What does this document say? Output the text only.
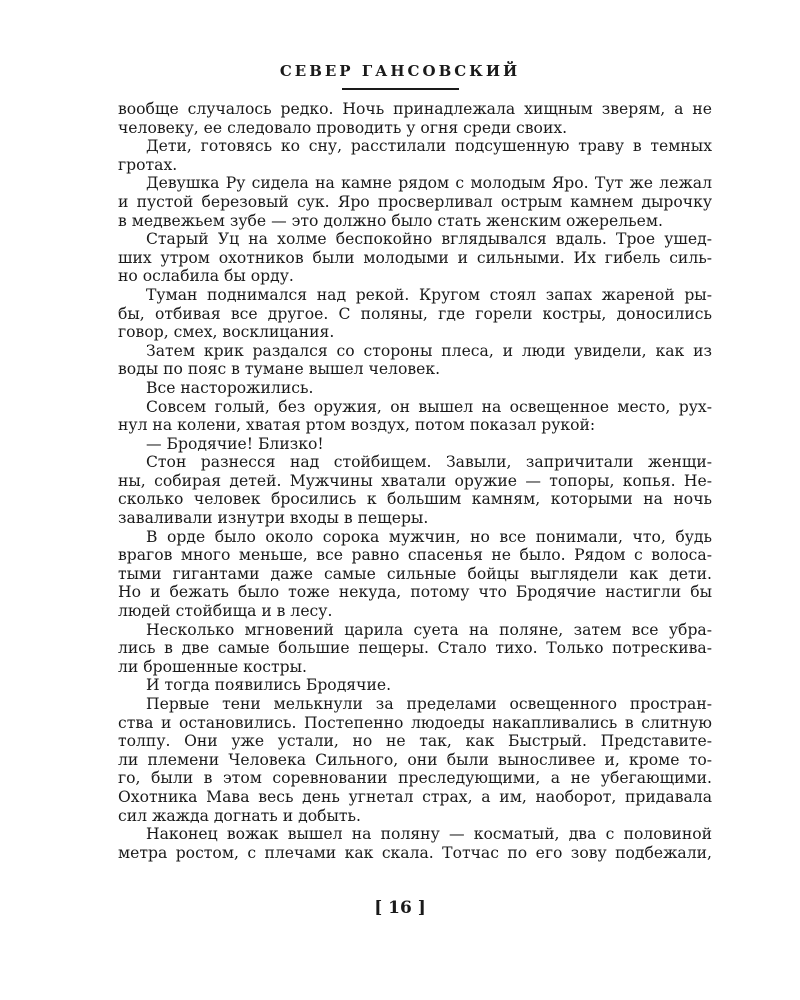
СЕВЕР ГАНСОВСКИЙ
вообще случалось редко. Ночь принадлежала хищным зверям, а не
человеку, ее следовало проводить у огня среди своих.
Дети, готовясь ко сну, расстилали подсушенную траву в темных
гротах.
Девушка Ру сидела на камне рядом с молодым Яро. Тут же лежал
и пустой березовый сук. Яро просверливал острым камнем дырочку
в медвежьем зубе — это должно было стать женским ожерельем.
Старый Уц на холме беспокойно вглядывался вдаль. Трое ушед-
ших утром охотников были молодыми и сильными. Их гибель силь-
но ослабила бы орду.
Туман поднимался над рекой. Кругом стоял запах жареной ры-
бы, отбивая все другое. С поляны, где горели костры, доносились
говор, смех, восклицания.
Затем крик раздался со стороны плеса, и люди увидели, как из
воды по пояс в тумане вышел человек.
Все насторожились.
Совсем голый, без оружия, он вышел на освещенное место, рух-
нул на колени, хватая ртом воздух, потом показал рукой:
— Бродячие! Близко!
Стон разнесся над стойбищем. Завыли, запричитали женщи-
ны, собирая детей. Мужчины хватали оружие — топоры, копья. Не-
сколько человек бросились к большим камням, которыми на ночь
заваливали изнутри входы в пещеры.
В орде было около сорока мужчин, но все понимали, что, будь
врагов много меньше, все равно спасенья не было. Рядом с волоса-
тыми гигантами даже самые сильные бойцы выглядели как дети.
Но и бежать было тоже некуда, потому что Бродячие настигли бы
людей стойбища и в лесу.
Несколько мгновений царила суета на поляне, затем все убра-
лись в две самые большие пещеры. Стало тихо. Только потрескива-
ли брошенные костры.
И тогда появились Бродячие.
Первые тени мелькнули за пределами освещенного простран-
ства и остановились. Постепенно людоеды накапливались в слитную
толпу. Они уже устали, но не так, как Быстрый. Представите-
ли племени Человека Сильного, они были выносливее и, кроме то-
го, были в этом соревновании преследующими, а не убегающими.
Охотника Мава весь день угнетал страх, а им, наоборот, придавала
сил жажда догнать и добыть.
Наконец вожак вышел на поляну — косматый, два с половиной
метра ростом, с плечами как скала. Тотчас по его зову подбежали,
[ 16 ]
